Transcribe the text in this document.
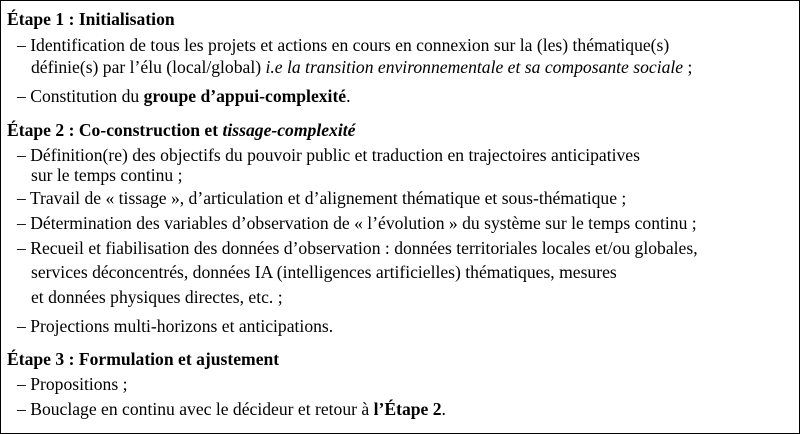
Étape 1 : Initialisation
– Identification de tous les projets et actions en cours en connexion sur la (les) thématique(s)
définie(s) par l’élu (local/global) i.e la transition environnementale et sa composante sociale ;
– Constitution du groupe d’appui-complexité.
Étape 2 : Co-construction et tissage-complexité
– Définition(re) des objectifs du pouvoir public et traduction en trajectoires anticipatives
sur le temps continu ;
– Travail de « tissage », d’articulation et d’alignement thématique et sous-thématique ;
– Détermination des variables d’observation de « l’évolution » du système sur le temps continu ;
– Recueil et fiabilisation des données d’observation : données territoriales locales et/ou globales,
services déconcentrés, données IA (intelligences artificielles) thématiques, mesures
et données physiques directes, etc. ;
– Projections multi-horizons et anticipations.
Étape 3 : Formulation et ajustement
– Propositions ;
– Bouclage en continu avec le décideur et retour à l’Étape 2.
